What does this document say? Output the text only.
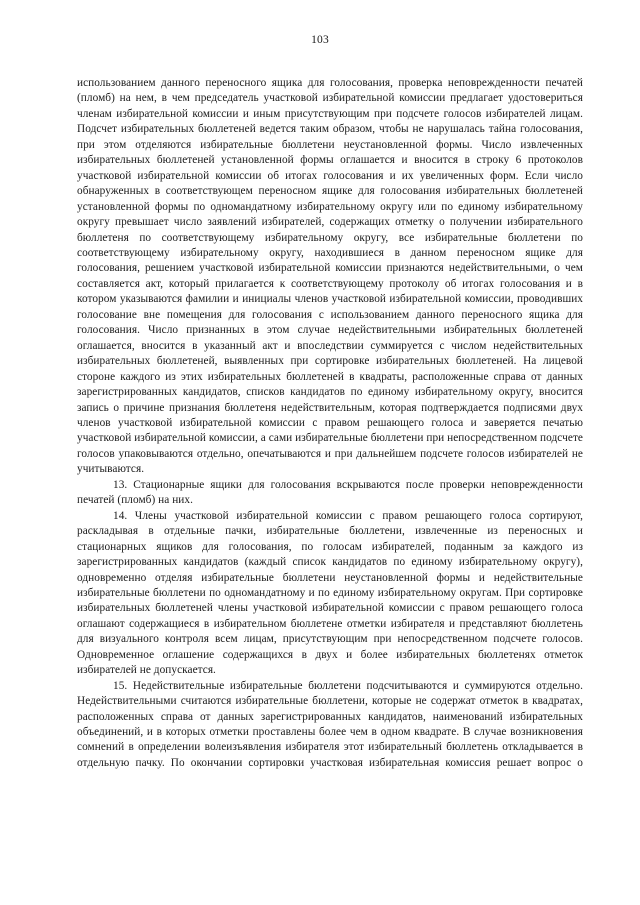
103

использованием данного переносного ящика для голосования, проверка неповрежденности печатей (пломб) на нем, в чем председатель участковой избирательной комиссии предлагает удостовериться членам избирательной комиссии и иным присутствующим при подсчете голосов избирателей лицам. Подсчет избирательных бюллетеней ведется таким образом, чтобы не нарушалась тайна голосования, при этом отделяются избирательные бюллетени неустановленной формы. Число извлеченных избирательных бюллетеней установленной формы оглашается и вносится в строку 6 протоколов участковой избирательной комиссии об итогах голосования и их увеличенных форм. Если число обнаруженных в соответствующем переносном ящике для голосования избирательных бюллетеней установленной формы по одномандатному избирательному округу или по единому избирательному округу превышает число заявлений избирателей, содержащих отметку о получении избирательного бюллетеня по соответствующему избирательному округу, все избирательные бюллетени по соответствующему избирательному округу, находившиеся в данном переносном ящике для голосования, решением участковой избирательной комиссии признаются недействительными, о чем составляется акт, который прилагается к соответствующему протоколу об итогах голосования и в котором указываются фамилии и инициалы членов участковой избирательной комиссии, проводивших голосование вне помещения для голосования с использованием данного переносного ящика для голосования. Число признанных в этом случае недействительными избирательных бюллетеней оглашается, вносится в указанный акт и впоследствии суммируется с числом недействительных избирательных бюллетеней, выявленных при сортировке избирательных бюллетеней. На лицевой стороне каждого из этих избирательных бюллетеней в квадраты, расположенные справа от данных зарегистрированных кандидатов, списков кандидатов по единому избирательному округу, вносится запись о причине признания бюллетеня недействительным, которая подтверждается подписями двух членов участковой избирательной комиссии с правом решающего голоса и заверяется печатью участковой избирательной комиссии, а сами избирательные бюллетени при непосредственном подсчете голосов упаковываются отдельно, опечатываются и при дальнейшем подсчете голосов избирателей не учитываются.

13. Стационарные ящики для голосования вскрываются после проверки неповрежденности печатей (пломб) на них.

14. Члены участковой избирательной комиссии с правом решающего голоса сортируют, раскладывая в отдельные пачки, избирательные бюллетени, извлеченные из переносных и стационарных ящиков для голосования, по голосам избирателей, поданным за каждого из зарегистрированных кандидатов (каждый список кандидатов по единому избирательному округу), одновременно отделяя избирательные бюллетени неустановленной формы и недействительные избирательные бюллетени по одномандатному и по единому избирательному округам. При сортировке избирательных бюллетеней члены участковой избирательной комиссии с правом решающего голоса оглашают содержащиеся в избирательном бюллетене отметки избирателя и представляют бюллетень для визуального контроля всем лицам, присутствующим при непосредственном подсчете голосов. Одновременное оглашение содержащихся в двух и более избирательных бюллетенях отметок избирателей не допускается.

15. Недействительные избирательные бюллетени подсчитываются и суммируются отдельно. Недействительными считаются избирательные бюллетени, которые не содержат отметок в квадратах, расположенных справа от данных зарегистрированных кандидатов, наименований избирательных объединений, и в которых отметки проставлены более чем в одном квадрате. В случае возникновения сомнений в определении волеизъявления избирателя этот избирательный бюллетень откладывается в отдельную пачку. По окончании сортировки участковая избирательная комиссия решает вопрос о
